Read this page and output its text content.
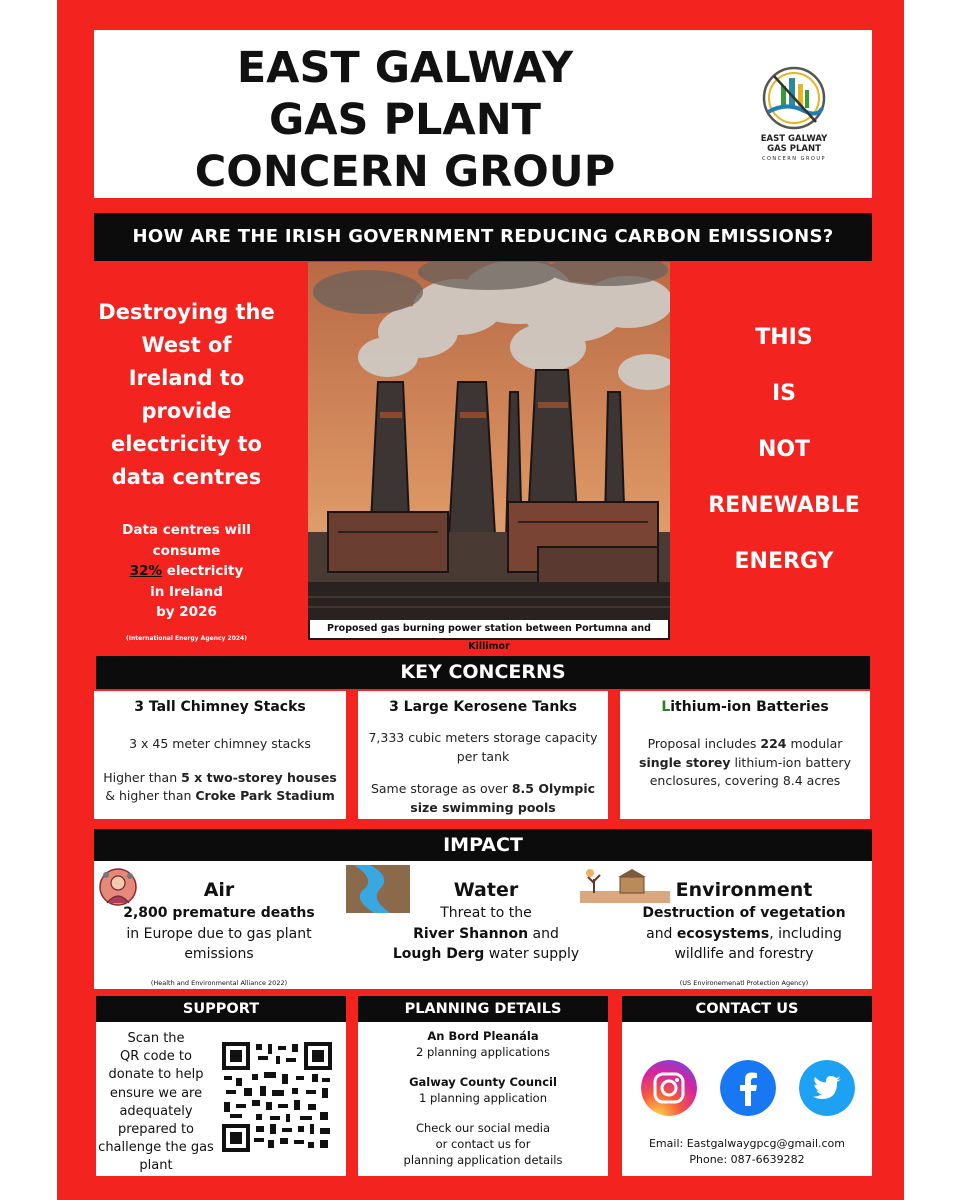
EAST GALWAY
GAS PLANT
CONCERN GROUP
EAST GALWAY
GAS PLANT
CONCERN GROUP
HOW ARE THE IRISH GOVERNMENT REDUCING CARBON EMISSIONS?
Destroying the
West of
Ireland to
provide
electricity to
data centres
Data centres will
consume
32% electricity
in Ireland
by 2026
(International Energy Agency 2024)
Proposed gas burning power station between Portumna and Killimor
THIS
IS
NOT
RENEWABLE
ENERGY
KEY CONCERNS
3 Tall Chimney Stacks

3 x 45 meter chimney stacks

Higher than 5 x two-storey houses

& higher than Croke Park Stadium

3 Large Kerosene Tanks

7,333 cubic meters storage capacity

per tank

Same storage as over 8.5 Olympic

size swimming pools

Lithium-ion Batteries

Proposal includes 224 modular

single storey lithium-ion battery

enclosures, covering 8.4 acres

IMPACT
Air

2,800 premature deaths

in Europe due to gas plant

emissions

(Health and Environmental Alliance 2022)

Water

Threat to the

River Shannon and

Lough Derg water supply

Environment

Destruction of vegetation

and ecosystems, including

wildlife and forestry

(US Environemenatl Protection Agency)

SUPPORT
Scan the
QR code to
donate to help
ensure we are
adequately
prepared to
challenge the gas
plant
PLANNING DETAILS
An Bord Pleanála
2 planning applications
Galway County Council
1 planning application
Check our social media
or contact us for
planning application details
CONTACT US
Email: Eastgalwaygpcg@gmail.com
Phone: 087-6639282
